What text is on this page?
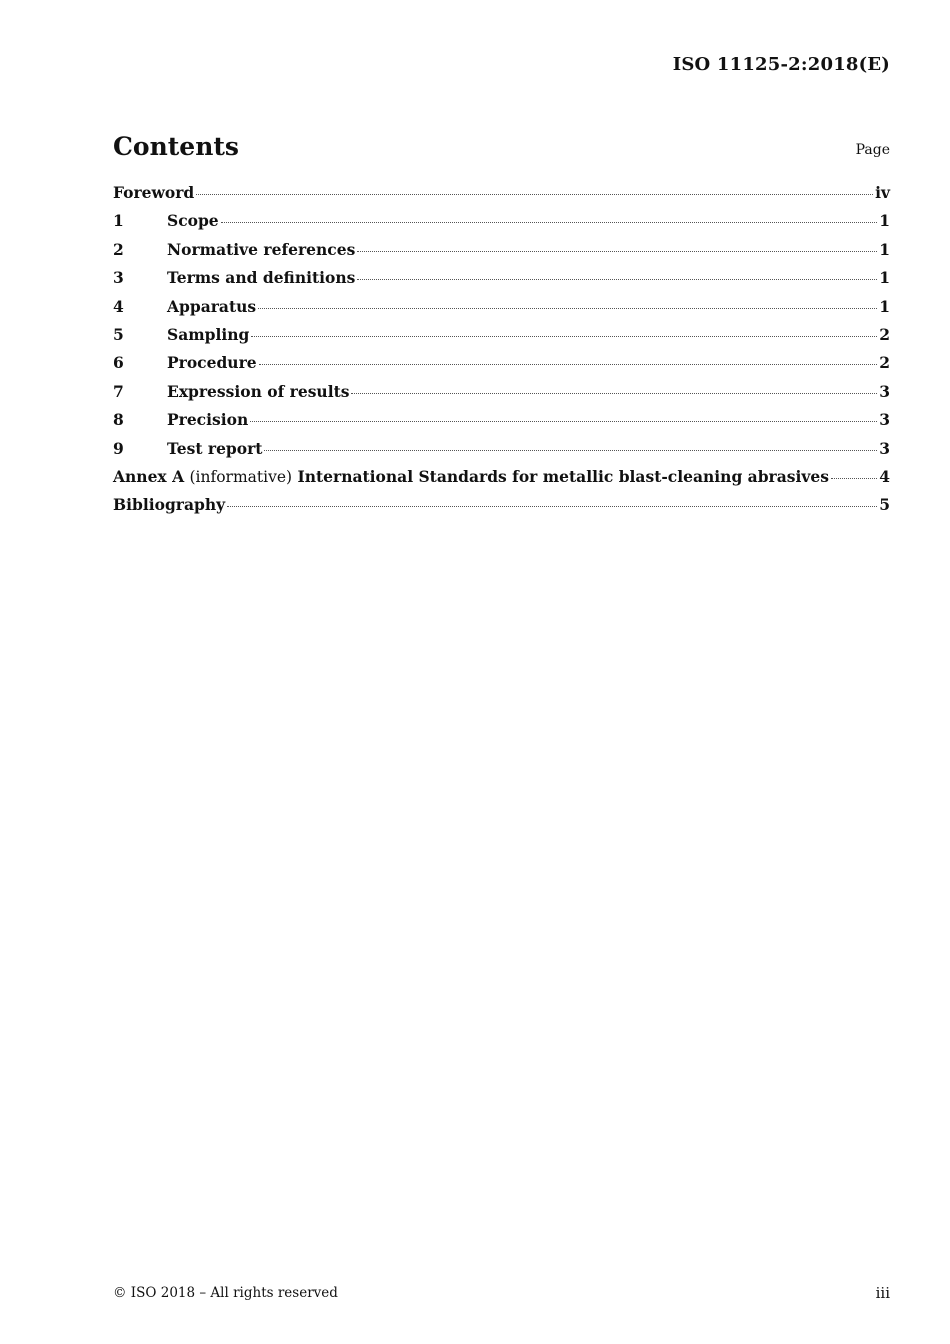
ISO 11125-2:2018(E)
Contents	Page
Foreword	iv
1	Scope	1
2	Normative references	1
3	Terms and definitions	1
4	Apparatus	1
5	Sampling	2
6	Procedure	2
7	Expression of results	3
8	Precision	3
9	Test report	3
Annex A (informative) International Standards for metallic blast-cleaning abrasives	4
Bibliography	5
© ISO 2018 – All rights reserved	iii
